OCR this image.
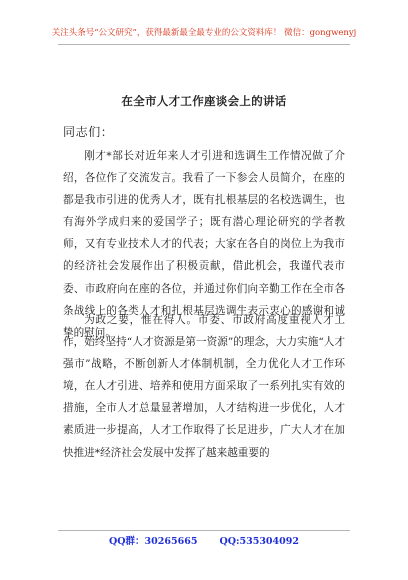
关注头条号“公文研究”，获得最新最全最专业的公文资料库！ 微信：gongwenyj
在全市人才工作座谈会上的讲话
同志们：

刚才*部长对近年来人才引进和选调生工作情况做了介绍，各位作了交流发言。我看了一下参会人员简介，在座的都是我市引进的优秀人才，既有扎根基层的名校选调生，也有海外学成归来的爱国学子；既有潜心理论研究的学者教师，又有专业技术人才的代表；大家在各自的岗位上为我市的经济社会发展作出了积极贡献，借此机会，我谨代表市委、市政府向在座的各位，并通过你们向辛勤工作在全市各条战线上的各类人才和扎根基层选调生表示衷心的感谢和诚挚的慰问。

为政之要，惟在得人。市委、市政府高度重视人才工作，始终坚持“人才资源是第一资源”的理念，大力实施“人才强市”战略，不断创新人才体制机制，全力优化人才工作环境，在人才引进、培养和使用方面采取了一系列扎实有效的措施，全市人才总量显著增加，人才结构进一步优化，人才素质进一步提高，人才工作取得了长足进步，广大人才在加快推进*经济社会发展中发挥了越来越重要的

QQ群：30265665 QQ:535304092
